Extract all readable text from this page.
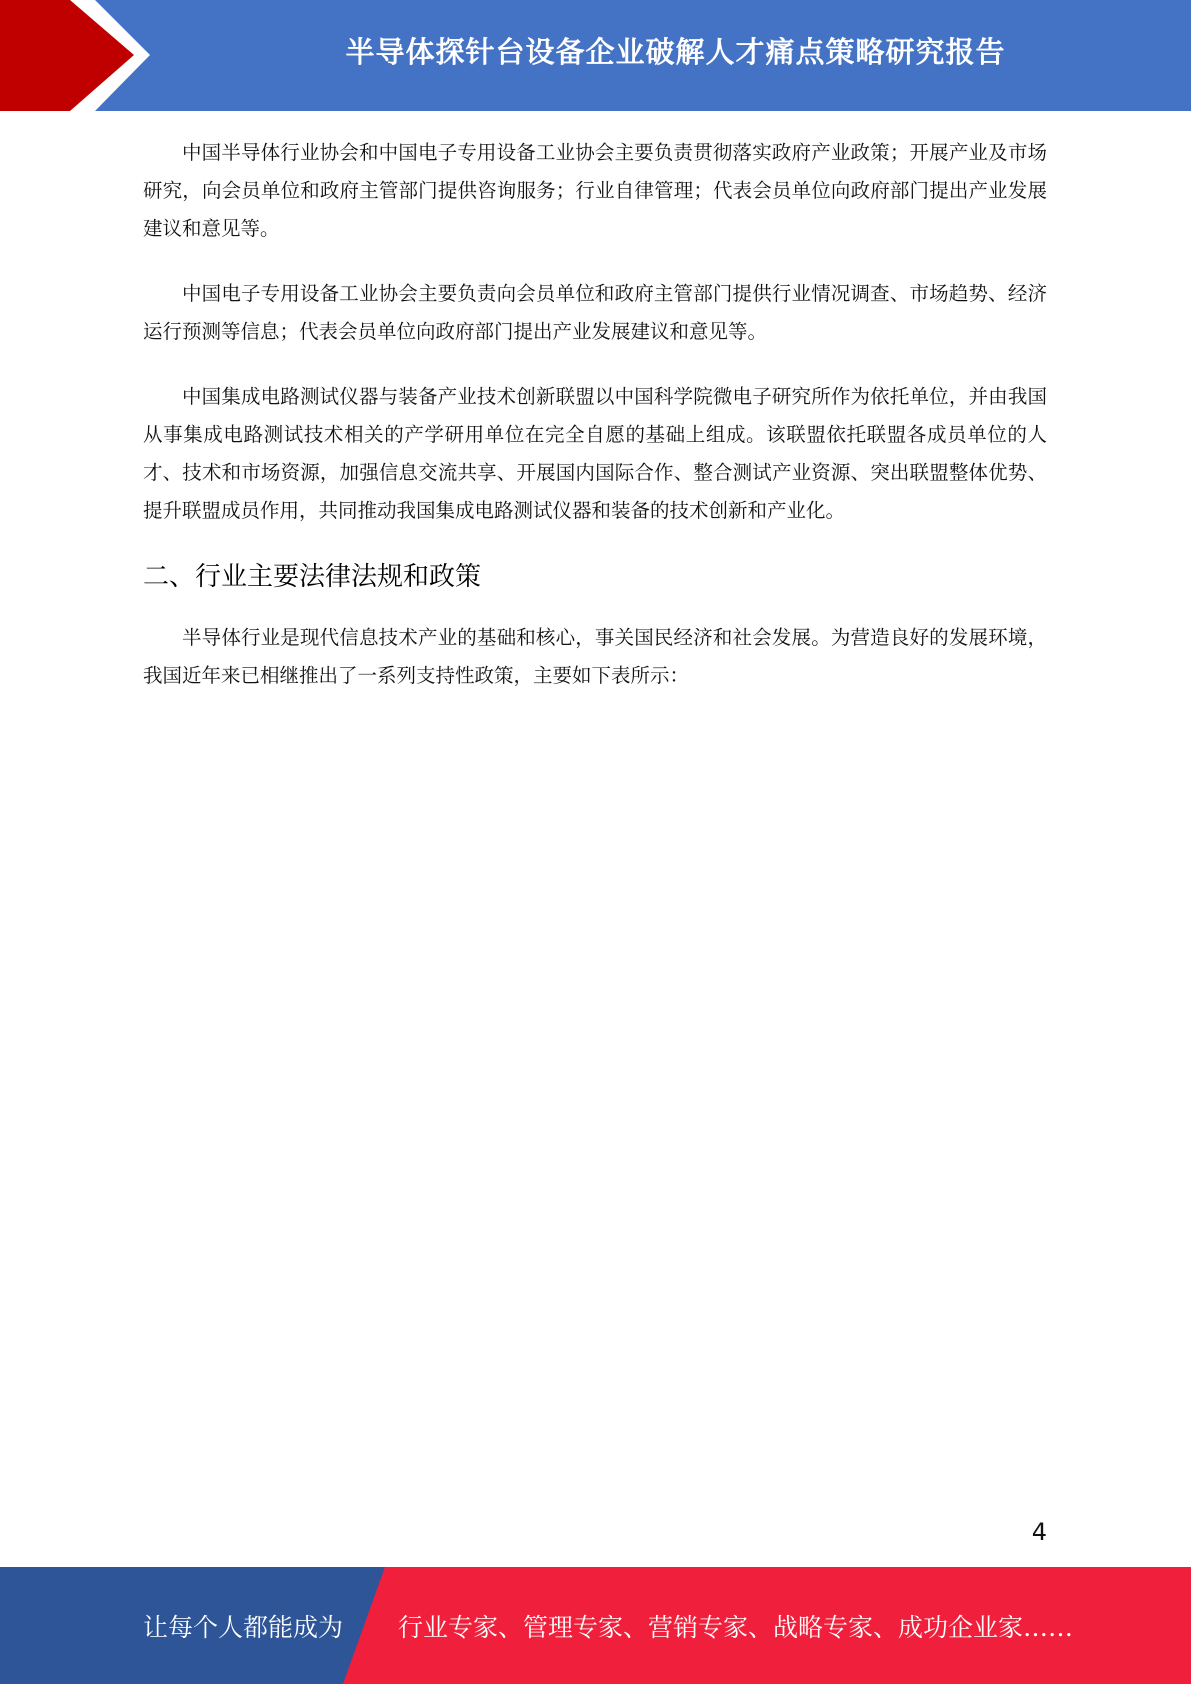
半导体探针台设备企业破解人才痛点策略研究报告

中国半导体行业协会和中国电子专用设备工业协会主要负责贯彻落实政府产业政策；开展产业及市场研究，向会员单位和政府主管部门提供咨询服务；行业自律管理；代表会员单位向政府部门提出产业发展建议和意见等。

中国电子专用设备工业协会主要负责向会员单位和政府主管部门提供行业情况调查、市场趋势、经济运行预测等信息；代表会员单位向政府部门提出产业发展建议和意见等。

中国集成电路测试仪器与装备产业技术创新联盟以中国科学院微电子研究所作为依托单位，并由我国从事集成电路测试技术相关的产学研用单位在完全自愿的基础上组成。该联盟依托联盟各成员单位的人才、技术和市场资源，加强信息交流共享、开展国内国际合作、整合测试产业资源、突出联盟整体优势、提升联盟成员作用，共同推动我国集成电路测试仪器和装备的技术创新和产业化。

二、行业主要法律法规和政策

半导体行业是现代信息技术产业的基础和核心，事关国民经济和社会发展。为营造良好的发展环境，我国近年来已相继推出了一系列支持性政策，主要如下表所示：

4
让每个人都能成为 行业专家、管理专家、营销专家、战略专家、成功企业家……
